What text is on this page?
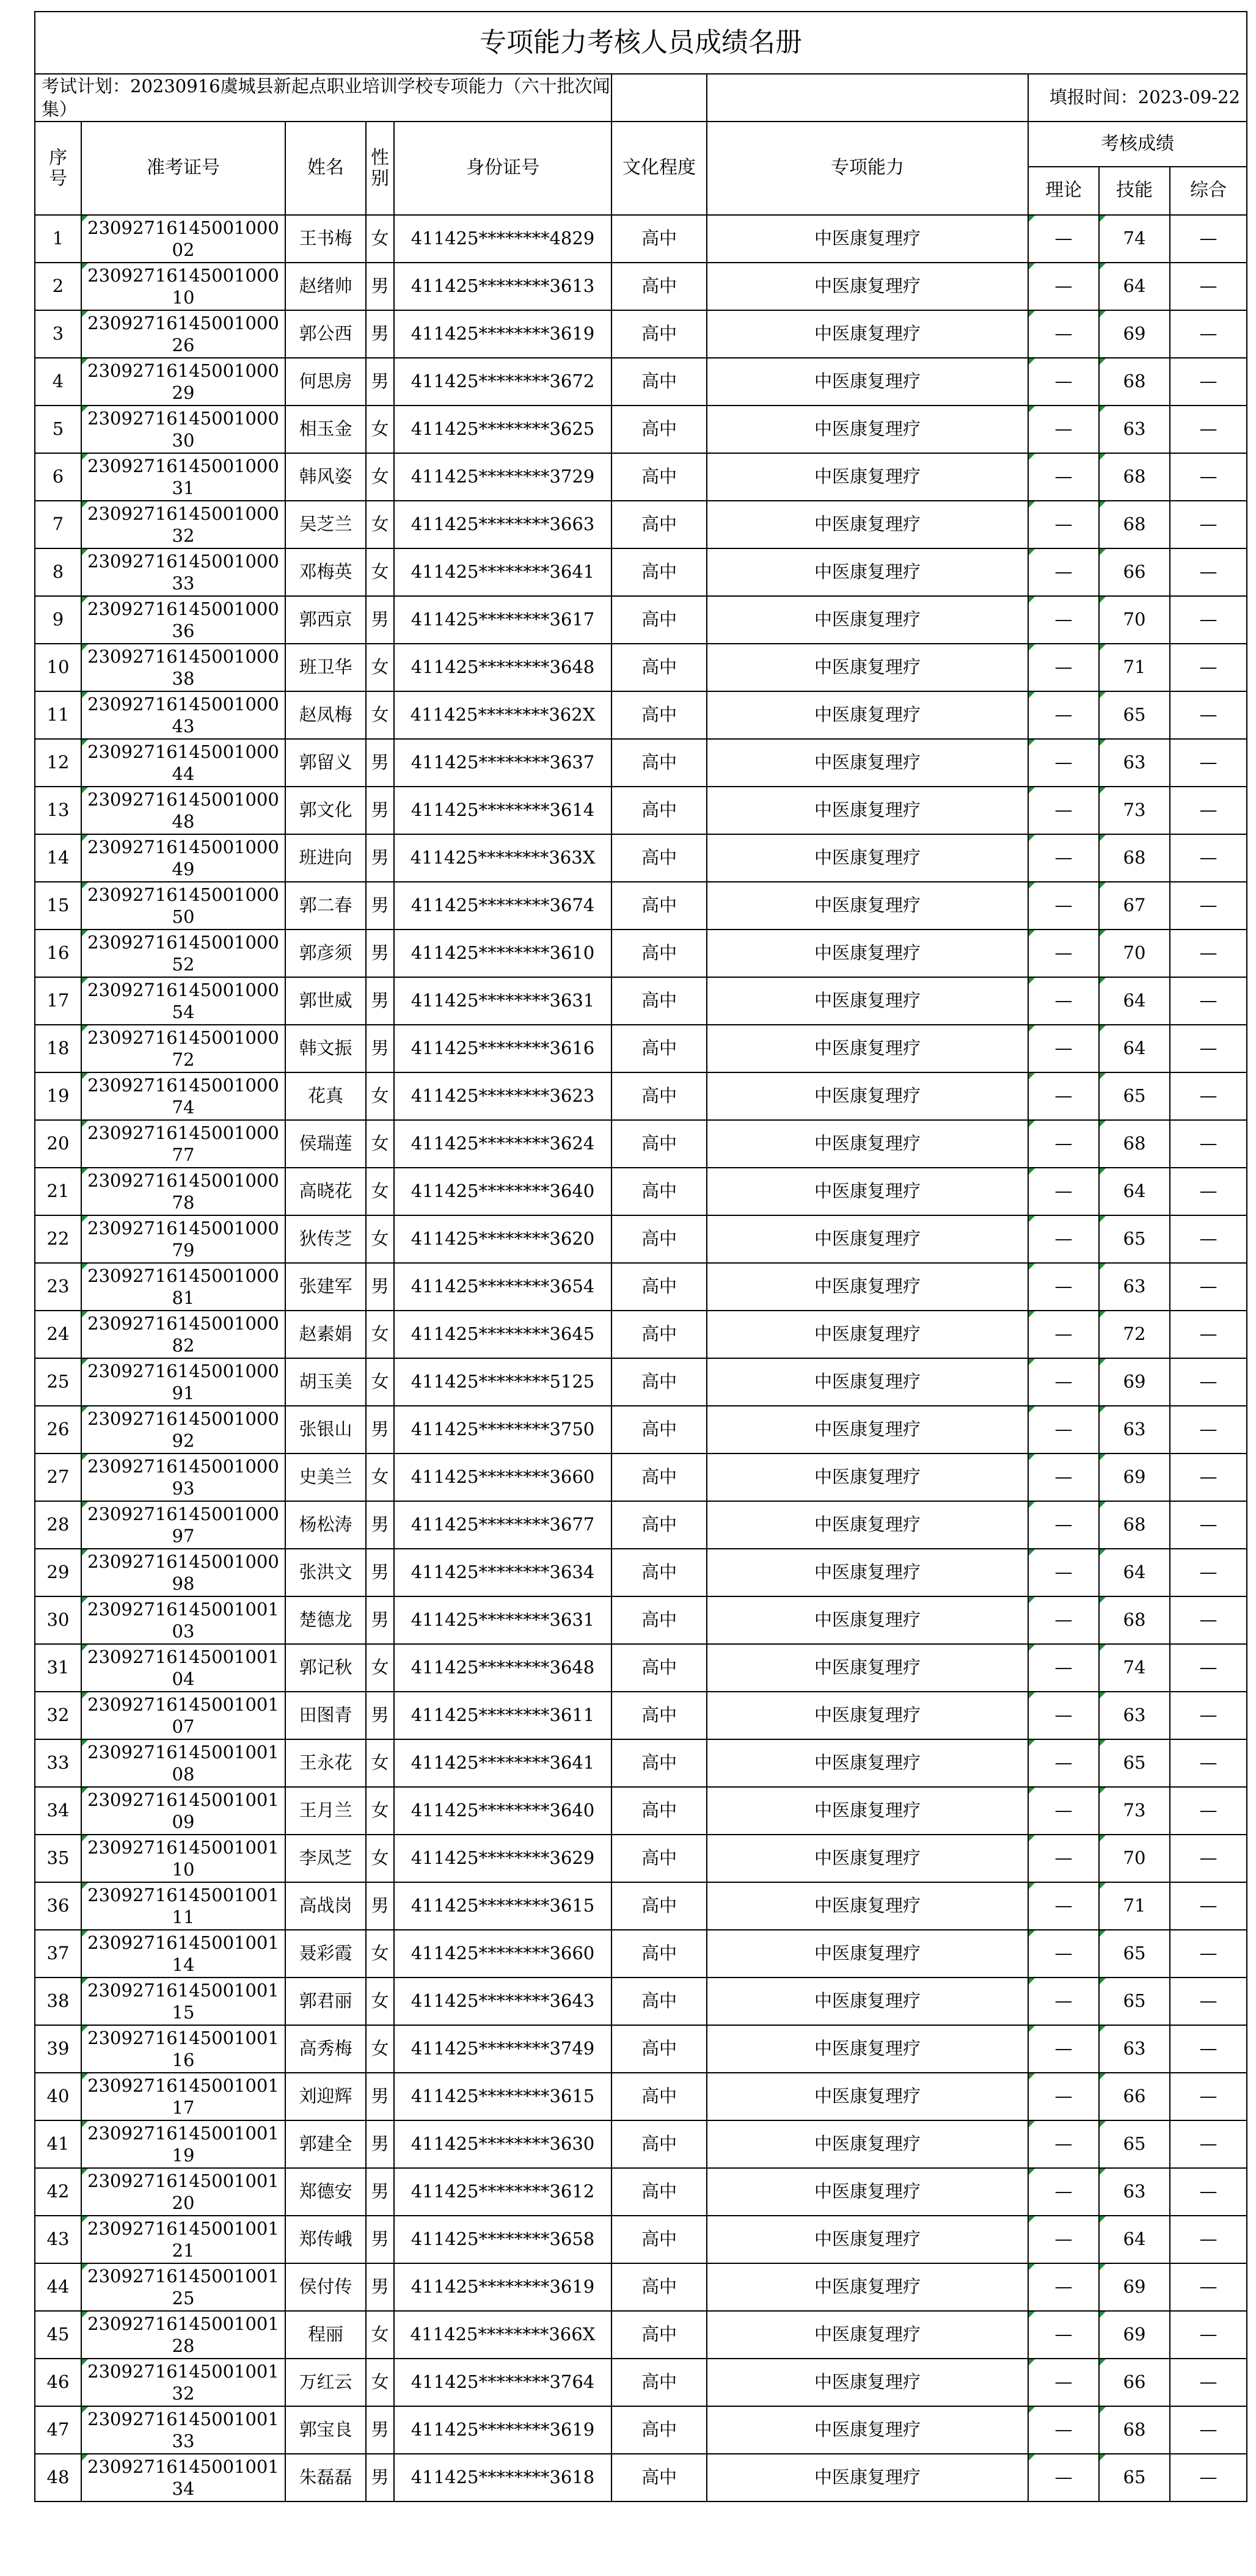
专项能力考核人员成绩名册									
考试计划：20230916虞城县新起点职业培训学校专项能力（六十批次闻集）							填报时间：2023-09-22		
序号	准考证号	姓名	性别	身份证号	文化程度	专项能力	考核成绩		
							理论	技能	综合
1	2309271614500100002	王书梅	女	411425********4829	高中	中医康复理疗	—	74	—
2	2309271614500100010	赵绪帅	男	411425********3613	高中	中医康复理疗	—	64	—
3	2309271614500100026	郭公西	男	411425********3619	高中	中医康复理疗	—	69	—
4	2309271614500100029	何思房	男	411425********3672	高中	中医康复理疗	—	68	—
5	2309271614500100030	相玉金	女	411425********3625	高中	中医康复理疗	—	63	—
6	2309271614500100031	韩风姿	女	411425********3729	高中	中医康复理疗	—	68	—
7	2309271614500100032	吴芝兰	女	411425********3663	高中	中医康复理疗	—	68	—
8	2309271614500100033	邓梅英	女	411425********3641	高中	中医康复理疗	—	66	—
9	2309271614500100036	郭西京	男	411425********3617	高中	中医康复理疗	—	70	—
10	2309271614500100038	班卫华	女	411425********3648	高中	中医康复理疗	—	71	—
11	2309271614500100043	赵凤梅	女	411425********362X	高中	中医康复理疗	—	65	—
12	2309271614500100044	郭留义	男	411425********3637	高中	中医康复理疗	—	63	—
13	2309271614500100048	郭文化	男	411425********3614	高中	中医康复理疗	—	73	—
14	2309271614500100049	班进向	男	411425********363X	高中	中医康复理疗	—	68	—
15	2309271614500100050	郭二春	男	411425********3674	高中	中医康复理疗	—	67	—
16	2309271614500100052	郭彦须	男	411425********3610	高中	中医康复理疗	—	70	—
17	2309271614500100054	郭世威	男	411425********3631	高中	中医康复理疗	—	64	—
18	2309271614500100072	韩文振	男	411425********3616	高中	中医康复理疗	—	64	—
19	2309271614500100074	花真	女	411425********3623	高中	中医康复理疗	—	65	—
20	2309271614500100077	侯瑞莲	女	411425********3624	高中	中医康复理疗	—	68	—
21	2309271614500100078	高晓花	女	411425********3640	高中	中医康复理疗	—	64	—
22	2309271614500100079	狄传芝	女	411425********3620	高中	中医康复理疗	—	65	—
23	2309271614500100081	张建军	男	411425********3654	高中	中医康复理疗	—	63	—
24	2309271614500100082	赵素娟	女	411425********3645	高中	中医康复理疗	—	72	—
25	2309271614500100091	胡玉美	女	411425********5125	高中	中医康复理疗	—	69	—
26	2309271614500100092	张银山	男	411425********3750	高中	中医康复理疗	—	63	—
27	2309271614500100093	史美兰	女	411425********3660	高中	中医康复理疗	—	69	—
28	2309271614500100097	杨松涛	男	411425********3677	高中	中医康复理疗	—	68	—
29	2309271614500100098	张洪文	男	411425********3634	高中	中医康复理疗	—	64	—
30	2309271614500100103	楚德龙	男	411425********3631	高中	中医康复理疗	—	68	—
31	2309271614500100104	郭记秋	女	411425********3648	高中	中医康复理疗	—	74	—
32	2309271614500100107	田图青	男	411425********3611	高中	中医康复理疗	—	63	—
33	2309271614500100108	王永花	女	411425********3641	高中	中医康复理疗	—	65	—
34	2309271614500100109	王月兰	女	411425********3640	高中	中医康复理疗	—	73	—
35	2309271614500100110	李凤芝	女	411425********3629	高中	中医康复理疗	—	70	—
36	2309271614500100111	高战岗	男	411425********3615	高中	中医康复理疗	—	71	—
37	2309271614500100114	聂彩霞	女	411425********3660	高中	中医康复理疗	—	65	—
38	2309271614500100115	郭君丽	女	411425********3643	高中	中医康复理疗	—	65	—
39	2309271614500100116	高秀梅	女	411425********3749	高中	中医康复理疗	—	63	—
40	2309271614500100117	刘迎辉	男	411425********3615	高中	中医康复理疗	—	66	—
41	2309271614500100119	郭建全	男	411425********3630	高中	中医康复理疗	—	65	—
42	2309271614500100120	郑德安	男	411425********3612	高中	中医康复理疗	—	63	—
43	2309271614500100121	郑传峨	男	411425********3658	高中	中医康复理疗	—	64	—
44	2309271614500100125	侯付传	男	411425********3619	高中	中医康复理疗	—	69	—
45	2309271614500100128	程丽	女	411425********366X	高中	中医康复理疗	—	69	—
46	2309271614500100132	万红云	女	411425********3764	高中	中医康复理疗	—	66	—
47	2309271614500100133	郭宝良	男	411425********3619	高中	中医康复理疗	—	68	—
48	2309271614500100134	朱磊磊	男	411425********3618	高中	中医康复理疗	—	65	—
